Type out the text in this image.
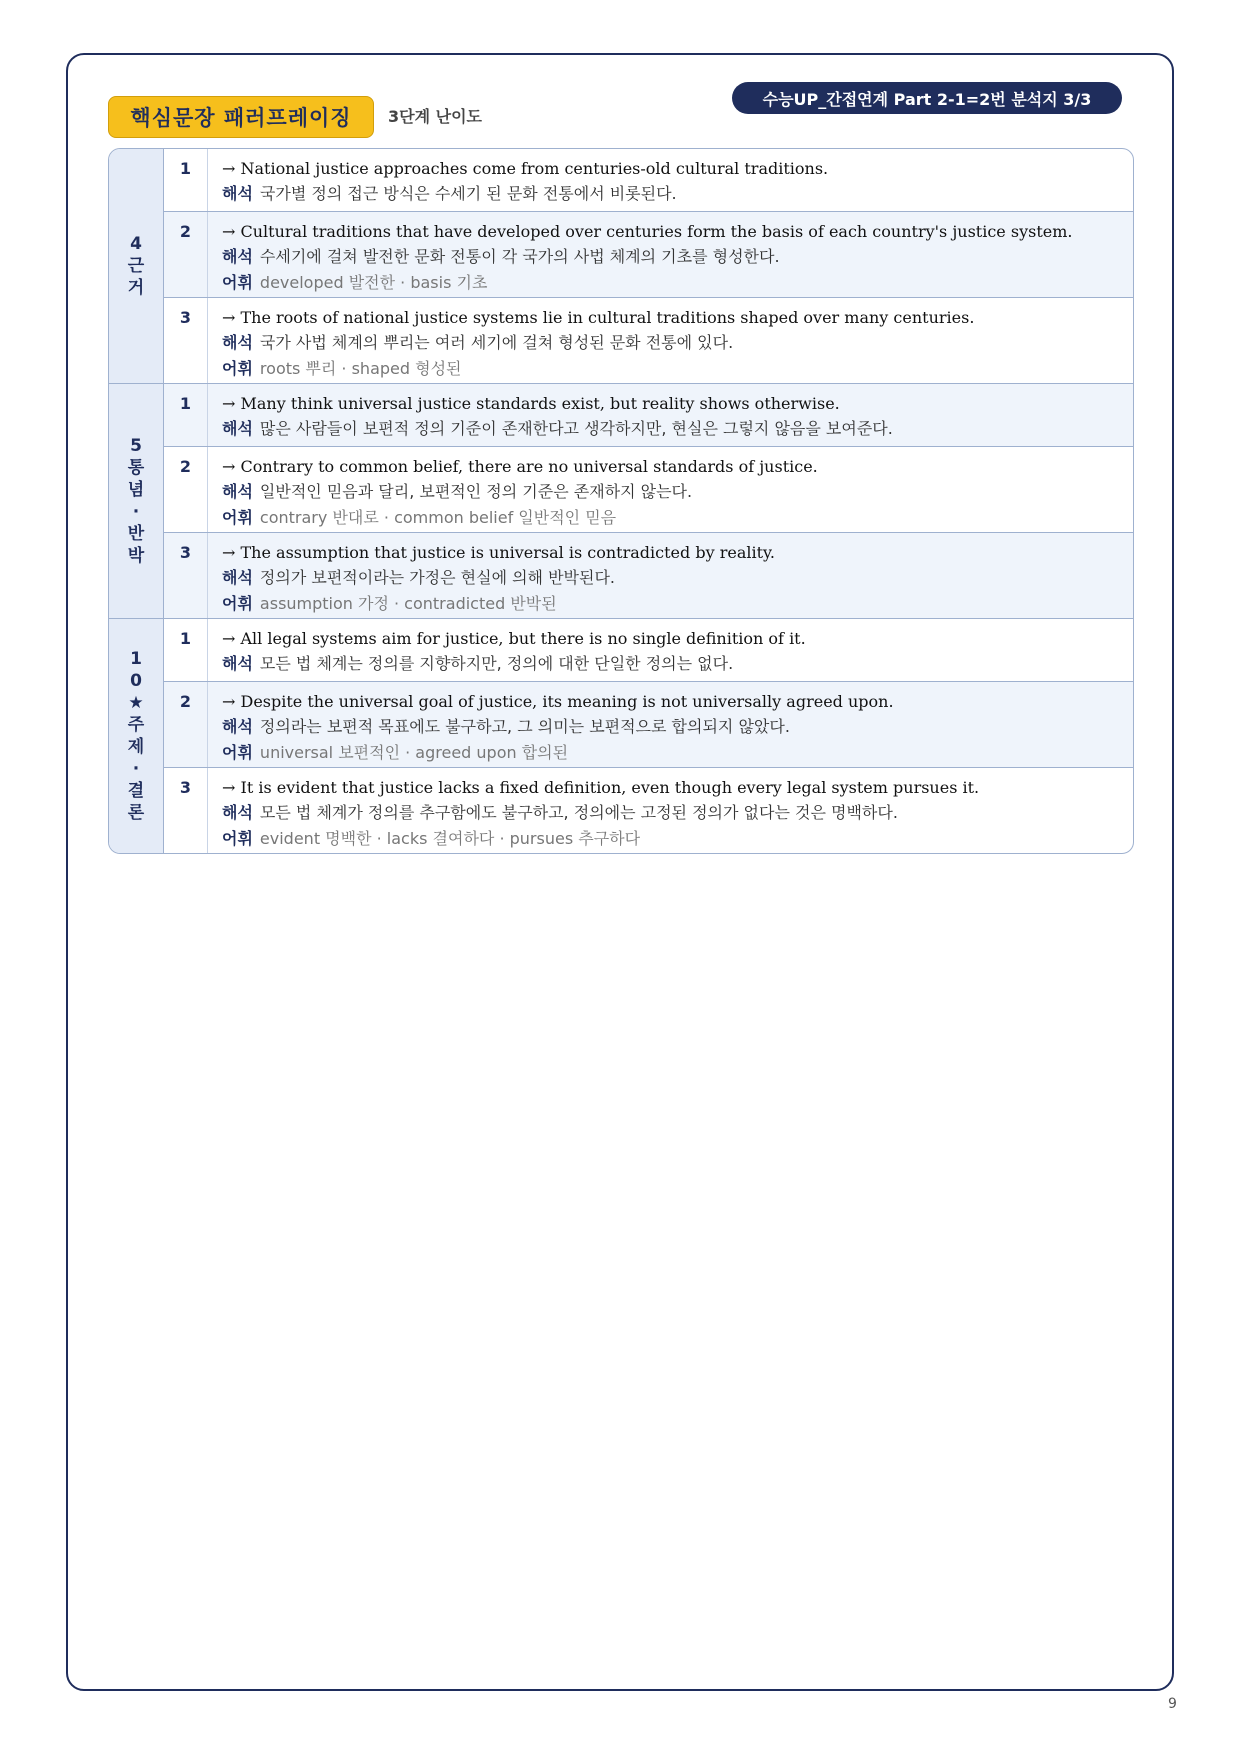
핵심문장 패러프레이징	3단계 난이도
수능UP_간접연계 Part 2-1=2번 분석지 3/3
4
근
거
1	→ National justice approaches come from centuries-old cultural traditions.
해석 국가별 정의 접근 방식은 수세기 된 문화 전통에서 비롯된다.
2	→ Cultural traditions that have developed over centuries form the basis of each country's justice system.
해석 수세기에 걸쳐 발전한 문화 전통이 각 국가의 사법 체계의 기초를 형성한다.
어휘 developed 발전한 · basis 기초
3	→ The roots of national justice systems lie in cultural traditions shaped over many centuries.
해석 국가 사법 체계의 뿌리는 여러 세기에 걸쳐 형성된 문화 전통에 있다.
어휘 roots 뿌리 · shaped 형성된
5
통
념·
반
박
1	→ Many think universal justice standards exist, but reality shows otherwise.
해석 많은 사람들이 보편적 정의 기준이 존재한다고 생각하지만, 현실은 그렇지 않음을 보여준다.
2	→ Contrary to common belief, there are no universal standards of justice.
해석 일반적인 믿음과 달리, 보편적인 정의 기준은 존재하지 않는다.
어휘 contrary 반대로 · common belief 일반적인 믿음
3	→ The assumption that justice is universal is contradicted by reality.
해석 정의가 보편적이라는 가정은 현실에 의해 반박된다.
어휘 assumption 가정 · contradicted 반박된
10
★
주
제·
결
론
1	→ All legal systems aim for justice, but there is no single definition of it.
해석 모든 법 체계는 정의를 지향하지만, 정의에 대한 단일한 정의는 없다.
2	→ Despite the universal goal of justice, its meaning is not universally agreed upon.
해석 정의라는 보편적 목표에도 불구하고, 그 의미는 보편적으로 합의되지 않았다.
어휘 universal 보편적인 · agreed upon 합의된
3	→ It is evident that justice lacks a fixed definition, even though every legal system pursues it.
해석 모든 법 체계가 정의를 추구함에도 불구하고, 정의에는 고정된 정의가 없다는 것은 명백하다.
어휘 evident 명백한 · lacks 결여하다 · pursues 추구하다
9
